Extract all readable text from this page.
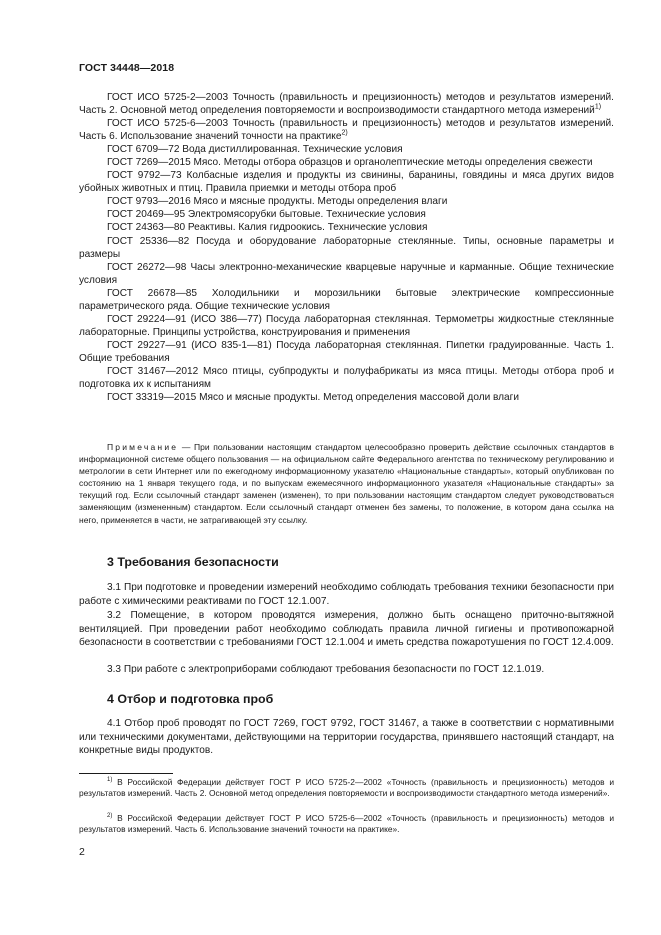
ГОСТ 34448—2018

ГОСТ ИСО 5725-2—2003 Точность (правильность и прецизионность) методов и результатов измерений. Часть 2. Основной метод определения повторяемости и воспроизводимости стандартного метода измерений$^{1)}$

ГОСТ ИСО 5725-6—2003 Точность (правильность и прецизионность) методов и результатов измерений. Часть 6. Использование значений точности на практике$^{2)}$

ГОСТ 6709—72 Вода дистиллированная. Технические условия

ГОСТ 7269—2015 Мясо. Методы отбора образцов и органолептические методы определения свежести

ГОСТ 9792—73 Колбасные изделия и продукты из свинины, баранины, говядины и мяса других видов убойных животных и птиц. Правила приемки и методы отбора проб

ГОСТ 9793—2016 Мясо и мясные продукты. Методы определения влаги

ГОСТ 20469—95 Электромясорубки бытовые. Технические условия

ГОСТ 24363—80 Реактивы. Калия гидроокись. Технические условия

ГОСТ 25336—82 Посуда и оборудование лабораторные стеклянные. Типы, основные параметры и размеры

ГОСТ 26272—98 Часы электронно-механические кварцевые наручные и карманные. Общие технические условия

ГОСТ 26678—85 Холодильники и морозильники бытовые электрические компрессионные параметрического ряда. Общие технические условия

ГОСТ 29224—91 (ИСО 386—77) Посуда лабораторная стеклянная. Термометры жидкостные стеклянные лабораторные. Принципы устройства, конструирования и применения

ГОСТ 29227—91 (ИСО 835-1—81) Посуда лабораторная стеклянная. Пипетки градуированные. Часть 1. Общие требования

ГОСТ 31467—2012 Мясо птицы, субпродукты и полуфабрикаты из мяса птицы. Методы отбора проб и подготовка их к испытаниям

ГОСТ 33319—2015 Мясо и мясные продукты. Метод определения массовой доли влаги

Примечание — При пользовании настоящим стандартом целесообразно проверить действие ссылочных стандартов в информационной системе общего пользования — на официальном сайте Федерального агентства по техническому регулированию и метрологии в сети Интернет или по ежегодному информационному указателю «Национальные стандарты», который опубликован по состоянию на 1 января текущего года, и по выпускам ежемесячного информационного указателя «Национальные стандарты» за текущий год. Если ссылочный стандарт заменен (изменен), то при пользовании настоящим стандартом следует руководствоваться заменяющим (измененным) стандартом. Если ссылочный стандарт отменен без замены, то положение, в котором дана ссылка на него, применяется в части, не затрагивающей эту ссылку.

3 Требования безопасности

3.1 При подготовке и проведении измерений необходимо соблюдать требования техники безопасности при работе с химическими реактивами по ГОСТ 12.1.007.

3.2 Помещение, в котором проводятся измерения, должно быть оснащено приточно-вытяжной вентиляцией. При проведении работ необходимо соблюдать правила личной гигиены и противопожарной безопасности в соответствии с требованиями ГОСТ 12.1.004 и иметь средства пожаротушения по ГОСТ 12.4.009.

3.3 При работе с электроприборами соблюдают требования безопасности по ГОСТ 12.1.019.

4 Отбор и подготовка проб

4.1 Отбор проб проводят по ГОСТ 7269, ГОСТ 9792, ГОСТ 31467, а также в соответствии с нормативными или техническими документами, действующими на территории государства, принявшего настоящий стандарт, на конкретные виды продуктов.

$^{1)}$ В Российской Федерации действует ГОСТ Р ИСО 5725-2—2002 «Точность (правильность и прецизионность) методов и результатов измерений. Часть 2. Основной метод определения повторяемости и воспроизводимости стандартного метода измерений».

$^{2)}$ В Российской Федерации действует ГОСТ Р ИСО 5725-6—2002 «Точность (правильность и прецизионность) методов и результатов измерений. Часть 6. Использование значений точности на практике».

2
